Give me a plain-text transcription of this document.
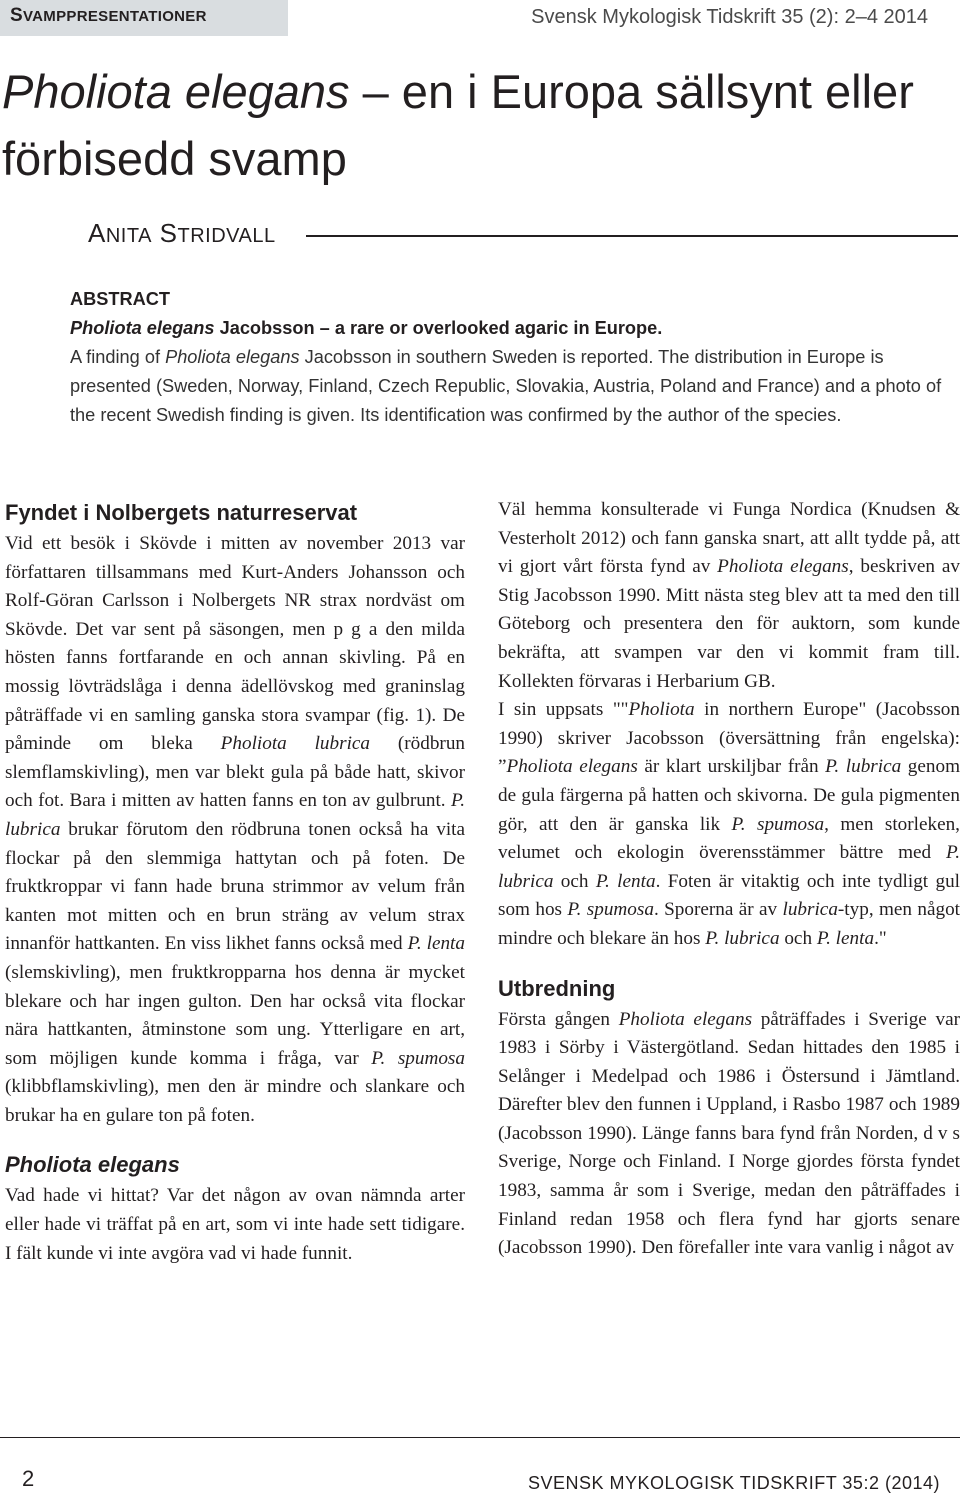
SVAMPPRESENTATIONER	Svensk Mykologisk Tidskrift 35 (2): 2–4 2014
Pholiota elegans – en i Europa sällsynt eller förbisedd svamp
ANITA STRIDVALL
ABSTRACT
Pholiota elegans Jacobsson – a rare or overlooked agaric in Europe.
A finding of Pholiota elegans Jacobsson in southern Sweden is reported. The distribution in Europe is presented (Sweden, Norway, Finland, Czech Republic, Slovakia, Austria, Poland and France) and a photo of the recent Swedish finding is given. Its identification was confirmed by the author of the species.
Fyndet i Nolbergets naturreservat

Vid ett besök i Skövde i mitten av november 2013 var författaren tillsammans med Kurt-Anders Johansson och Rolf-Göran Carlsson i Nolbergets NR strax nordväst om Skövde. Det var sent på säsongen, men p g a den milda hösten fanns fortfarande en och annan skivling. På en mossig lövträdslåga i denna ädellövskog med graninslag påträffade vi en samling ganska stora svampar (fig. 1). De påminde om bleka Pholiota lubrica (rödbrun slemflamskivling), men var blekt gula på både hatt, skivor och fot. Bara i mitten av hatten fanns en ton av gulbrunt. P. lubrica brukar förutom den rödbruna tonen också ha vita flockar på den slemmiga hattytan och på foten. De fruktkroppar vi fann hade bruna strimmor av velum från kanten mot mitten och en brun sträng av velum strax innanför hattkanten. En viss likhet fanns också med P. lenta (slemskivling), men fruktkropparna hos denna är mycket blekare och har ingen gulton. Den har också vita flockar nära hattkanten, åtminstone som ung. Ytterligare en art, som möjligen kunde komma i fråga, var P. spumosa (klibbflamskivling), men den är mindre och slankare och brukar ha en gulare ton på foten.

Pholiota elegans

Vad hade vi hittat? Var det någon av ovan nämnda arter eller hade vi träffat på en art, som vi inte hade sett tidigare. I fält kunde vi inte avgöra vad vi hade funnit.

Väl hemma konsulterade vi Funga Nordica (Knudsen & Vesterholt 2012) och fann ganska snart, att allt tydde på, att vi gjort vårt första fynd av Pholiota elegans, beskriven av Stig Jacobsson 1990. Mitt nästa steg blev att ta med den till Göteborg och presentera den för auktorn, som kunde bekräfta, att svampen var den vi kommit fram till. Kollekten förvaras i Herbarium GB.

I sin uppsats ""Pholiota in northern Europe" (Jacobsson 1990) skriver Jacobsson (översättning från engelska): ”Pholiota elegans är klart urskiljbar från P. lubrica genom de gula färgerna på hatten och skivorna. De gula pigmenten gör, att den är ganska lik P. spumosa, men storleken, velumet och ekologin överensstämmer bättre med P. lubrica och P. lenta. Foten är vitaktig och inte tydligt gul som hos P. spumosa. Sporerna är av lubrica-typ, men något mindre och blekare än hos P. lubrica och P. lenta."

Utbredning

Första gången Pholiota elegans påträffades i Sverige var 1983 i Sörby i Västergötland. Sedan hittades den 1985 i Selånger i Medelpad och 1986 i Östersund i Jämtland. Därefter blev den funnen i Uppland, i Rasbo 1987 och 1989 (Jacobsson 1990). Länge fanns bara fynd från Norden, d v s Sverige, Norge och Finland. I Norge gjordes första fyndet 1983, samma år som i Sverige, medan den påträffades i Finland redan 1958 och flera fynd har gjorts senare (Jacobsson 1990). Den förefaller inte vara vanlig i något av

2	SVENSK MYKOLOGISK TIDSKRIFT 35:2 (2014)
